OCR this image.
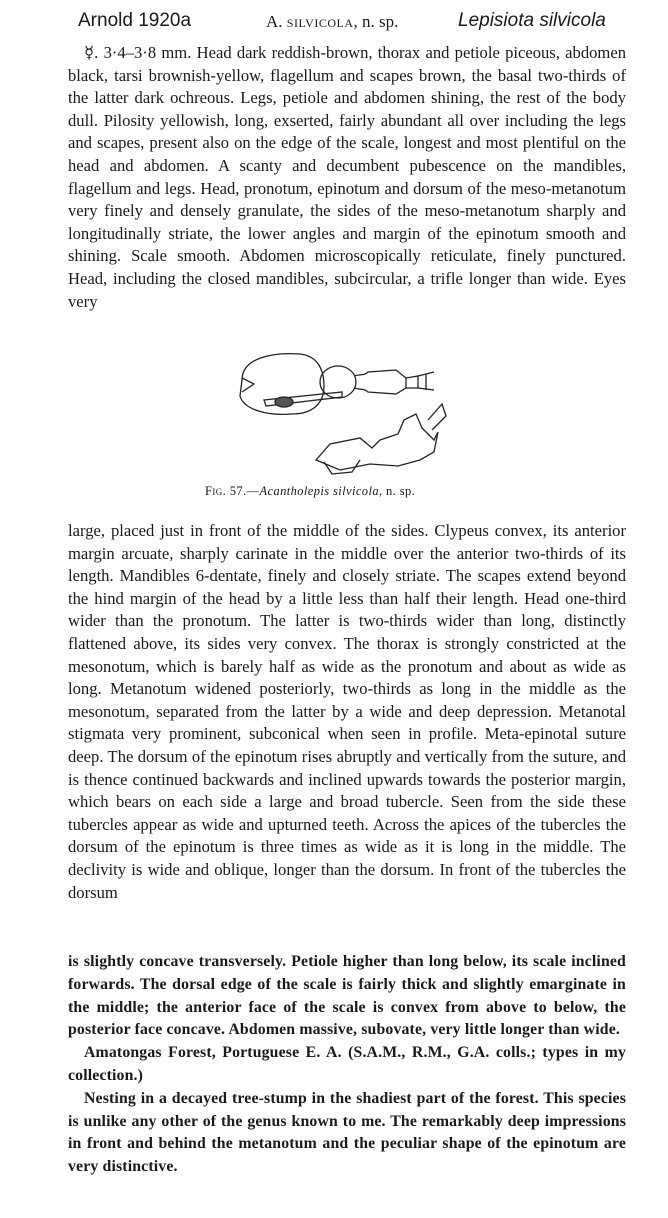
Arnold 1920a	A. silvicola, n. sp.	Lepisiota silvicola

☿. 3·4–3·8 mm. Head dark reddish-brown, thorax and petiole piceous, abdomen black, tarsi brownish-yellow, flagellum and scapes brown, the basal two-thirds of the latter dark ochreous. Legs, petiole and abdomen shining, the rest of the body dull. Pilosity yellowish, long, exserted, fairly abundant all over including the legs and scapes, present also on the edge of the scale, longest and most plentiful on the head and abdomen. A scanty and decumbent pubescence on the mandibles, flagellum and legs. Head, pronotum, epinotum and dorsum of the meso-metanotum very finely and densely granulate, the sides of the meso-metanotum sharply and longitudinally striate, the lower angles and margin of the epinotum smooth and shining. Scale smooth. Abdomen microscopically reticulate, finely punctured. Head, including the closed mandibles, subcircular, a trifle longer than wide. Eyes very

Fig. 57.—Acantholepis silvicola, n. sp.

large, placed just in front of the middle of the sides. Clypeus convex, its anterior margin arcuate, sharply carinate in the middle over the anterior two-thirds of its length. Mandibles 6-dentate, finely and closely striate. The scapes extend beyond the hind margin of the head by a little less than half their length. Head one-third wider than the pronotum. The latter is two-thirds wider than long, distinctly flattened above, its sides very convex. The thorax is strongly constricted at the mesonotum, which is barely half as wide as the pronotum and about as wide as long. Metanotum widened posteriorly, two-thirds as long in the middle as the mesonotum, separated from the latter by a wide and deep depression. Metanotal stigmata very prominent, subconical when seen in profile. Meta-epinotal suture deep. The dorsum of the epinotum rises abruptly and vertically from the suture, and is thence continued backwards and inclined upwards towards the posterior margin, which bears on each side a large and broad tubercle. Seen from the side these tubercles appear as wide and upturned teeth. Across the apices of the tubercles the dorsum of the epinotum is three times as wide as it is long in the middle. The declivity is wide and oblique, longer than the dorsum. In front of the tubercles the dorsum

is slightly concave transversely. Petiole higher than long below, its scale inclined forwards. The dorsal edge of the scale is fairly thick and slightly emarginate in the middle; the anterior face of the scale is convex from above to below, the posterior face concave. Abdomen massive, subovate, very little longer than wide.

Amatongas Forest, Portuguese E. A. (S.A.M., R.M., G.A. colls.; types in my collection.)

Nesting in a decayed tree-stump in the shadiest part of the forest. This species is unlike any other of the genus known to me. The remarkably deep impressions in front and behind the metanotum and the peculiar shape of the epinotum are very distinctive.
